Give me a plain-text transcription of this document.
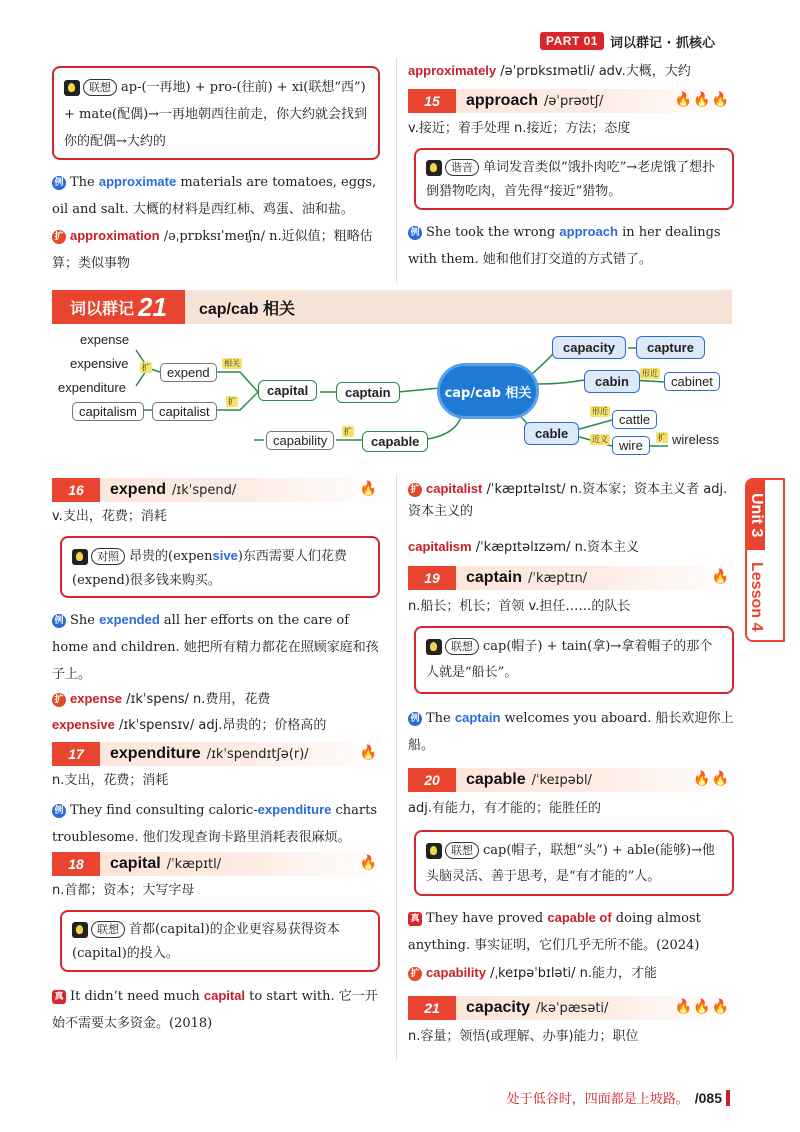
PART 01 词以群记 · 抓核心
联想 ap-(一再地) + pro-(往前) + xi(联想“西”) + mate(配偶)→一再地朝西往前走，你大约就会找到你的配偶→大约的
例 The approximate materials are tomatoes, eggs, oil and salt. 大概的材料是西红柿、鸡蛋、油和盐。
扩 approximation /əˌprɒksɪˈmeɪʃn/ n.近似值；粗略估算；类似事物
approximately /əˈprɒksɪmətli/ adv.大概，大约
15	approach /əˈprəʊtʃ/	🔥🔥🔥
v.接近；着手处理 n.接近；方法；态度
谐音 单词发音类似“饿扑肉吃”→老虎饿了想扑倒猎物吃肉，首先得“接近”猎物。
例 She took the wrong approach in her dealings with them. 她和他们打交道的方式错了。
词以群记 21 cap/cab 相关
cap/cab 相关
expense
expensive
expenditure
扩	expend
相关
capitalism	capitalist
扩
capital	captain
capability
扩
capable
capacity	capture
cabin
形近
cabinet
cable
形近
cattle
近义 wire
扩 wireless
16	expend /ɪkˈspend/	🔥
v.支出，花费；消耗
对照 昂贵的(expensive)东西需要人们花费(expend)很多钱来购买。
例 She expended all her efforts on the care of home and children. 她把所有精力都花在照顾家庭和孩子上。
扩 expense /ɪkˈspens/ n.费用，花费
expensive /ɪkˈspensɪv/ adj.昂贵的；价格高的
17	expenditure /ɪkˈspendɪtʃə(r)/	🔥
n.支出，花费；消耗
例 They find consulting caloric-expenditure charts troublesome. 他们发现查询卡路里消耗表很麻烦。
18	capital /ˈkæpɪtl/	🔥
n.首都；资本；大写字母
联想 首都(capital)的企业更容易获得资本(capital)的投入。
真 It didn’t need much capital to start with. 它一开始不需要太多资金。(2018)
扩 capitalist /ˈkæpɪtəlɪst/ n.资本家；资本主义者 adj.资本主义的
capitalism /ˈkæpɪtəlɪzəm/ n.资本主义
19	captain /ˈkæptɪn/	🔥
n.船长；机长；首领 v.担任……的队长
联想 cap(帽子) + tain(拿)→拿着帽子的那个人就是“船长”。
例 The captain welcomes you aboard. 船长欢迎你上船。
20	capable /ˈkeɪpəbl/	🔥🔥
adj.有能力，有才能的；能胜任的
联想 cap(帽子，联想“头”) + able(能够)→他头脑灵活、善于思考，是“有才能的”人。
真 They have proved capable of doing almost anything. 事实证明，它们几乎无所不能。(2024)
扩 capability /ˌkeɪpəˈbɪləti/ n.能力，才能
21	capacity /kəˈpæsəti/	🔥🔥🔥
n.容量；领悟(或理解、办事)能力；职位
Unit 3
Lesson 4
处于低谷时，四面都是上坡路。 /085
